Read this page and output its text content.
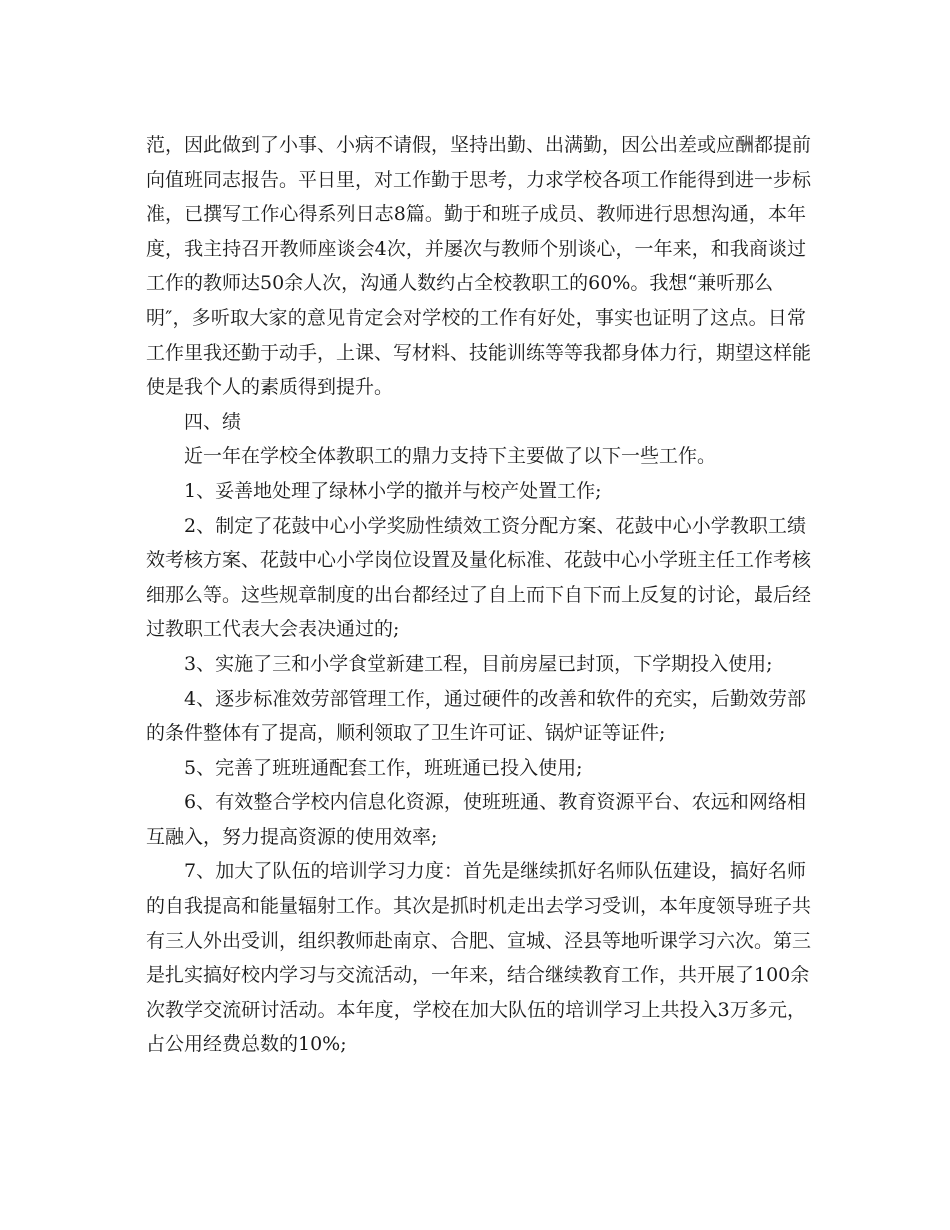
范，因此做到了小事、小病不请假，坚持出勤、出满勤，因公出差或应酬都提前
向值班同志报告。平日里，对工作勤于思考，力求学校各项工作能得到进一步标
准，已撰写工作心得系列日志8篇。勤于和班子成员、教师进行思想沟通，本年
度，我主持召开教师座谈会4次，并屡次与教师个别谈心，一年来，和我商谈过
工作的教师达50余人次，沟通人数约占全校教职工的60%。我想“兼听那么
明″，多听取大家的意见肯定会对学校的工作有好处，事实也证明了这点。日常
工作里我还勤于动手，上课、写材料、技能训练等等我都身体力行，期望这样能
使是我个人的素质得到提升。
四、绩
近一年在学校全体教职工的鼎力支持下主要做了以下一些工作。
1、妥善地处理了绿林小学的撤并与校产处置工作;
2、制定了花鼓中心小学奖励性绩效工资分配方案、花鼓中心小学教职工绩
效考核方案、花鼓中心小学岗位设置及量化标准、花鼓中心小学班主任工作考核
细那么等。这些规章制度的出台都经过了自上而下自下而上反复的讨论，最后经
过教职工代表大会表决通过的;
3、实施了三和小学食堂新建工程，目前房屋已封顶，下学期投入使用;
4、逐步标准效劳部管理工作，通过硬件的改善和软件的充实，后勤效劳部
的条件整体有了提高，顺利领取了卫生许可证、锅炉证等证件;
5、完善了班班通配套工作，班班通已投入使用;
6、有效整合学校内信息化资源，使班班通、教育资源平台、农远和网络相
互融入，努力提高资源的使用效率;
7、加大了队伍的培训学习力度：首先是继续抓好名师队伍建设，搞好名师
的自我提高和能量辐射工作。其次是抓时机走出去学习受训，本年度领导班子共
有三人外出受训，组织教师赴南京、合肥、宣城、泾县等地听课学习六次。第三
是扎实搞好校内学习与交流活动，一年来，结合继续教育工作，共开展了100余
次教学交流研讨活动。本年度，学校在加大队伍的培训学习上共投入3万多元，
占公用经费总数的10%;
